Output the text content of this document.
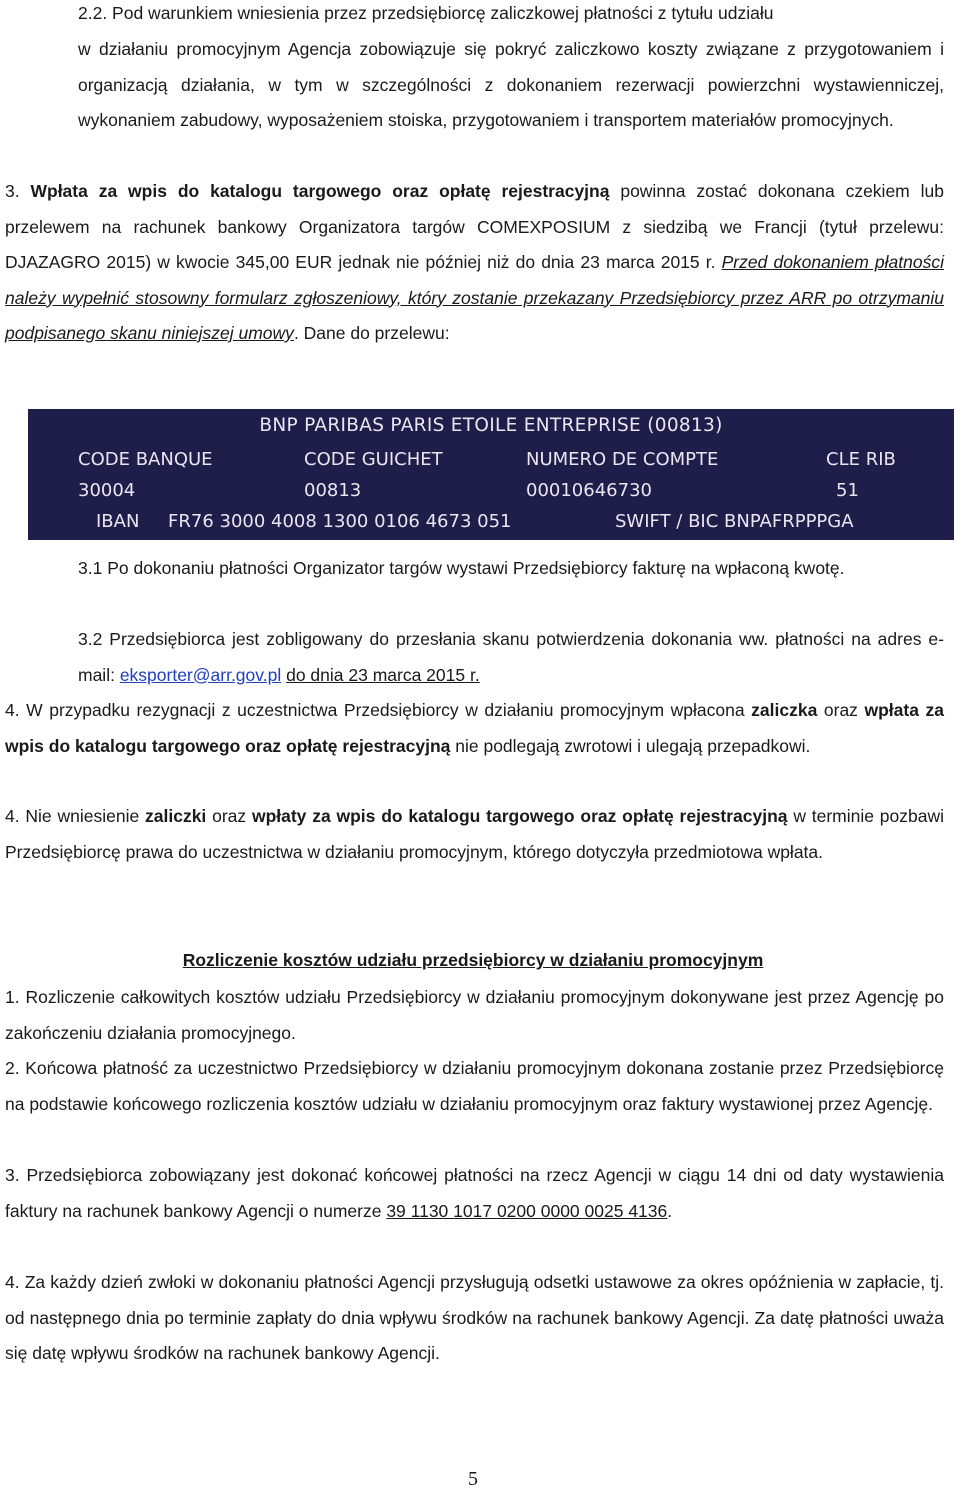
2.2. Pod warunkiem wniesienia przez przedsiębiorcę zaliczkowej płatności z tytułu udziału
w działaniu promocyjnym Agencja zobowiązuje się pokryć zaliczkowo koszty związane z przygotowaniem i organizacją działania, w tym w szczególności z dokonaniem rezerwacji powierzchni wystawienniczej, wykonaniem zabudowy, wyposażeniem stoiska, przygotowaniem i transportem materiałów promocyjnych.
3. Wpłata za wpis do katalogu targowego oraz opłatę rejestracyjną powinna zostać dokonana czekiem lub przelewem na rachunek bankowy Organizatora targów COMEXPOSIUM z siedzibą we Francji (tytuł przelewu: DJAZAGRO 2015) w kwocie 345,00 EUR jednak nie później niż do dnia 23 marca 2015 r. Przed dokonaniem płatności należy wypełnić stosowny formularz zgłoszeniowy, który zostanie przekazany Przedsiębiorcy przez ARR po otrzymaniu podpisanego skanu niniejszej umowy. Dane do przelewu:
BNP PARIBAS PARIS ETOILE ENTREPRISE (00813)
CODE BANQUE
30004
CODE GUICHET
00813
NUMERO DE COMPTE
00010646730
CLE RIB
51
IBAN FR76 3000 4008 1300 0106 4673 051	SWIFT / BIC BNPAFRPPPGA
3.1 Po dokonaniu płatności Organizator targów wystawi Przedsiębiorcy fakturę na wpłaconą kwotę.
3.2 Przedsiębiorca jest zobligowany do przesłania skanu potwierdzenia dokonania ww. płatności na adres e-mail: eksporter@arr.gov.pl do dnia 23 marca 2015 r.
4. W przypadku rezygnacji z uczestnictwa Przedsiębiorcy w działaniu promocyjnym wpłacona zaliczka oraz wpłata za wpis do katalogu targowego oraz opłatę rejestracyjną nie podlegają zwrotowi i ulegają przepadkowi.
4. Nie wniesienie zaliczki oraz wpłaty za wpis do katalogu targowego oraz opłatę rejestracyjną w terminie pozbawi Przedsiębiorcę prawa do uczestnictwa w działaniu promocyjnym, którego dotyczyła przedmiotowa wpłata.
Rozliczenie kosztów udziału przedsiębiorcy w działaniu promocyjnym
1. Rozliczenie całkowitych kosztów udziału Przedsiębiorcy w działaniu promocyjnym dokonywane jest przez Agencję po zakończeniu działania promocyjnego.
2. Końcowa płatność za uczestnictwo Przedsiębiorcy w działaniu promocyjnym dokonana zostanie przez Przedsiębiorcę na podstawie końcowego rozliczenia kosztów udziału w działaniu promocyjnym oraz faktury wystawionej przez Agencję.
3. Przedsiębiorca zobowiązany jest dokonać końcowej płatności na rzecz Agencji w ciągu 14 dni od daty wystawienia faktury na rachunek bankowy Agencji o numerze 39 1130 1017 0200 0000 0025 4136.
4. Za każdy dzień zwłoki w dokonaniu płatności Agencji przysługują odsetki ustawowe za okres opóźnienia w zapłacie, tj. od następnego dnia po terminie zapłaty do dnia wpływu środków na rachunek bankowy Agencji. Za datę płatności uważa się datę wpływu środków na rachunek bankowy Agencji.
5
